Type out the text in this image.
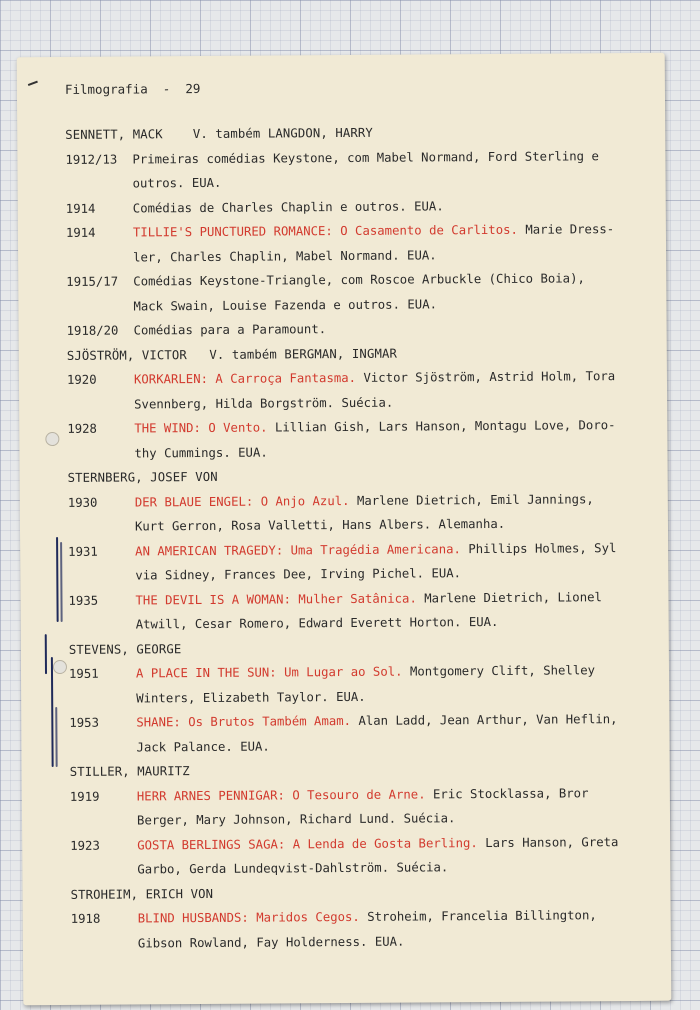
Filmografia  -  29
SENNETT, MACK    V. também LANGDON, HARRY
1912/13	Primeiras comédias Keystone, com Mabel Normand, Ford Sterling e
outros. EUA.
1914	Comédias de Charles Chaplin e outros. EUA.
1914	TILLIE'S PUNCTURED ROMANCE: O Casamento de Carlitos. Marie Dress-
ler, Charles Chaplin, Mabel Normand. EUA.
1915/17	Comédias Keystone-Triangle, com Roscoe Arbuckle (Chico Boia),
Mack Swain, Louise Fazenda e outros. EUA.
1918/20	Comédias para a Paramount.
SJÖSTRÖM, VICTOR   V. também BERGMAN, INGMAR
1920	KORKARLEN: A Carroça Fantasma. Victor Sjöström, Astrid Holm, Tora
Svennberg, Hilda Borgström. Suécia.
1928	THE WIND: O Vento. Lillian Gish, Lars Hanson, Montagu Love, Doro-
thy Cummings. EUA.
STERNBERG, JOSEF VON
1930	DER BLAUE ENGEL: O Anjo Azul. Marlene Dietrich, Emil Jannings,
Kurt Gerron, Rosa Valletti, Hans Albers. Alemanha.
1931	AN AMERICAN TRAGEDY: Uma Tragédia Americana. Phillips Holmes, Syl
via Sidney, Frances Dee, Irving Pichel. EUA.
1935	THE DEVIL IS A WOMAN: Mulher Satânica. Marlene Dietrich, Lionel
Atwill, Cesar Romero, Edward Everett Horton. EUA.
STEVENS, GEORGE
1951	A PLACE IN THE SUN: Um Lugar ao Sol. Montgomery Clift, Shelley
Winters, Elizabeth Taylor. EUA.
1953	SHANE: Os Brutos Também Amam. Alan Ladd, Jean Arthur, Van Heflin,
Jack Palance. EUA.
STILLER, MAURITZ
1919	HERR ARNES PENNIGAR: O Tesouro de Arne. Eric Stocklassa, Bror
Berger, Mary Johnson, Richard Lund. Suécia.
1923	GOSTA BERLINGS SAGA: A Lenda de Gosta Berling. Lars Hanson, Greta
Garbo, Gerda Lundeqvist-Dahlström. Suécia.
STROHEIM, ERICH VON
1918	BLIND HUSBANDS: Maridos Cegos. Stroheim, Francelia Billington,
Gibson Rowland, Fay Holderness. EUA.
